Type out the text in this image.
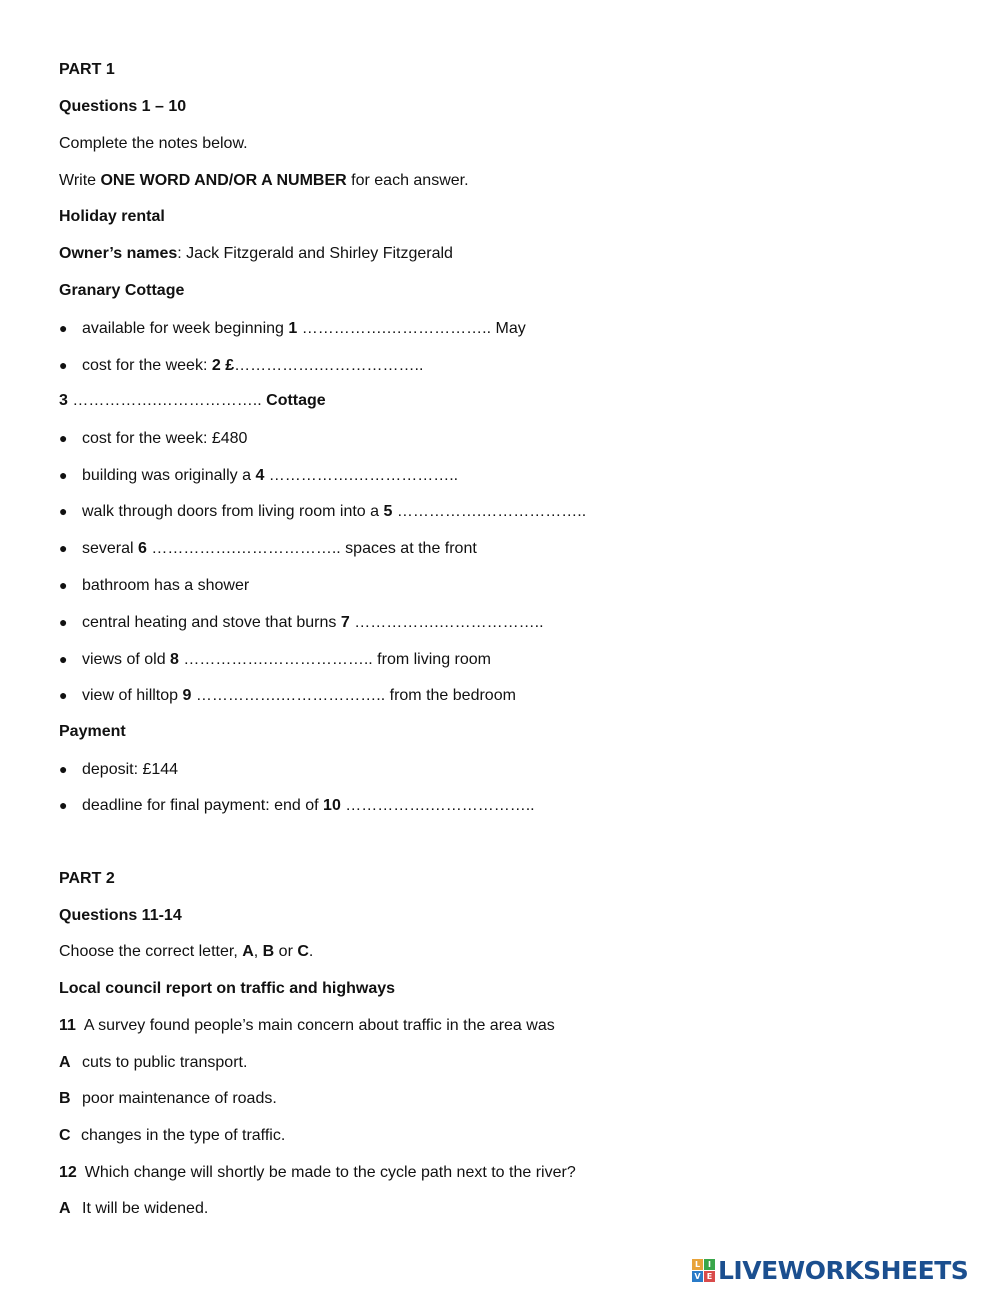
PART 1
Questions 1 – 10
Complete the notes below.
Write ONE WORD AND/OR A NUMBER for each answer.
Holiday rental
Owner’s names: Jack Fitzgerald and Shirley Fitzgerald
Granary Cottage
● available for week beginning 1 …………….……………….. May
● cost for the week: 2 £…………….………………..
3 …………….……………….. Cottage
● cost for the week: £480
● building was originally a 4 …………….………………..
● walk through doors from living room into a 5 …………….………………..
● several 6 …………….……………….. spaces at the front
● bathroom has a shower
● central heating and stove that burns 7 …………….………………..
● views of old 8 …………….……………….. from living room
● view of hilltop 9 …………….……………….. from the bedroom
Payment
● deposit: £144
● deadline for final payment: end of 10 …………….………………..
PART 2
Questions 11-14
Choose the correct letter, A, B or C.
Local council report on traffic and highways
11 A survey found people’s main concern about traffic in the area was
A cuts to public transport.
B poor maintenance of roads.
C changes in the type of traffic.
12 Which change will shortly be made to the cycle path next to the river?
A It will be widened.
L I
V E LIVEWORKSHEETS
